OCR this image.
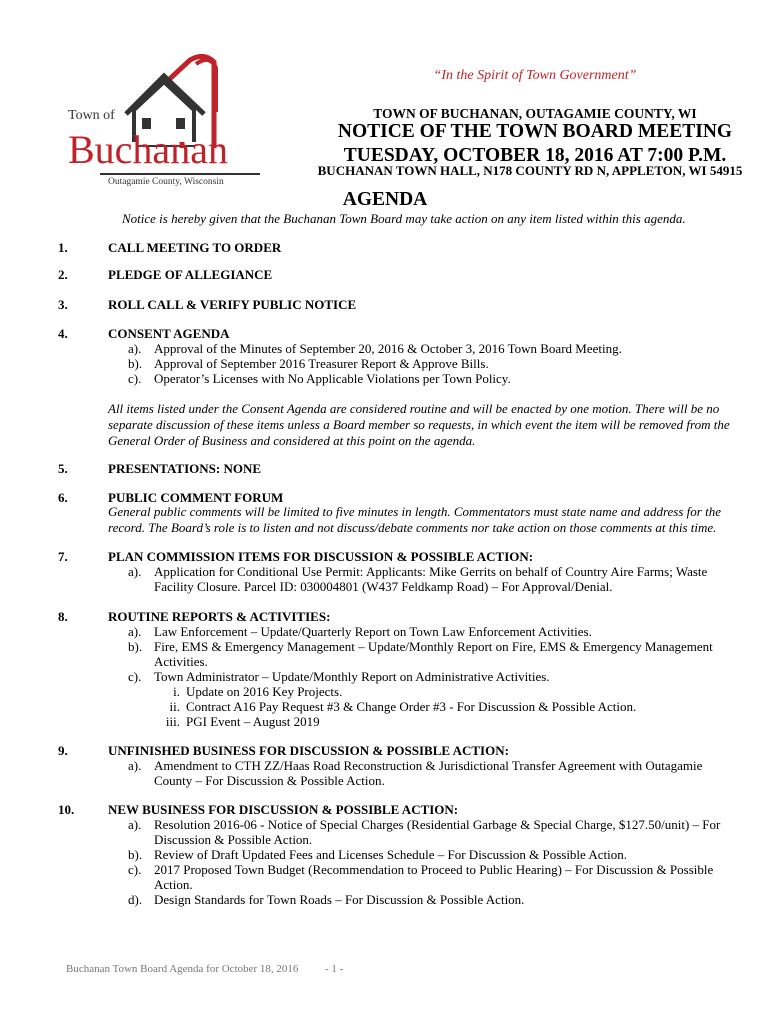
Town of
Buchanan
Outagamie County, Wisconsin
“In the Spirit of Town Government”
TOWN OF BUCHANAN, OUTAGAMIE COUNTY, WI
NOTICE OF THE TOWN BOARD MEETING
TUESDAY, OCTOBER 18, 2016 AT 7:00 P.M.
BUCHANAN TOWN HALL, N178 COUNTY RD N, APPLETON, WI 54915
AGENDA
Notice is hereby given that the Buchanan Town Board may take action on any item listed within this agenda.
1.	CALL MEETING TO ORDER
2.	PLEDGE OF ALLEGIANCE
3.	ROLL CALL & VERIFY PUBLIC NOTICE
4.	CONSENT AGENDA
a). Approval of the Minutes of September 20, 2016 & October 3, 2016 Town Board Meeting.
b). Approval of September 2016 Treasurer Report & Approve Bills.
c). Operator’s Licenses with No Applicable Violations per Town Policy.
All items listed under the Consent Agenda are considered routine and will be enacted by one motion. There will be no
separate discussion of these items unless a Board member so requests, in which event the item will be removed from the
General Order of Business and considered at this point on the agenda.
5.	PRESENTATIONS: NONE
6.	PUBLIC COMMENT FORUM
General public comments will be limited to five minutes in length. Commentators must state name and address for the
record. The Board’s role is to listen and not discuss/debate comments nor take action on those comments at this time.
7.	PLAN COMMISSION ITEMS FOR DISCUSSION & POSSIBLE ACTION:
a). Application for Conditional Use Permit: Applicants: Mike Gerrits on behalf of Country Aire Farms; Waste
Facility Closure. Parcel ID: 030004801 (W437 Feldkamp Road) – For Approval/Denial.
8.	ROUTINE REPORTS & ACTIVITIES:
a). Law Enforcement – Update/Quarterly Report on Town Law Enforcement Activities.
b). Fire, EMS & Emergency Management – Update/Monthly Report on Fire, EMS & Emergency Management
Activities.
c). Town Administrator – Update/Monthly Report on Administrative Activities.
i. Update on 2016 Key Projects.
ii. Contract A16 Pay Request #3 & Change Order #3 - For Discussion & Possible Action.
iii. PGI Event – August 2019
9.	UNFINISHED BUSINESS FOR DISCUSSION & POSSIBLE ACTION:
a). Amendment to CTH ZZ/Haas Road Reconstruction & Jurisdictional Transfer Agreement with Outagamie
County – For Discussion & Possible Action.
10.	NEW BUSINESS FOR DISCUSSION & POSSIBLE ACTION:
a). Resolution 2016-06 - Notice of Special Charges (Residential Garbage & Special Charge, $127.50/unit) – For
Discussion & Possible Action.
b). Review of Draft Updated Fees and Licenses Schedule – For Discussion & Possible Action.
c). 2017 Proposed Town Budget (Recommendation to Proceed to Public Hearing) – For Discussion & Possible
Action.
d). Design Standards for Town Roads – For Discussion & Possible Action.
Buchanan Town Board Agenda for October 18, 2016 - 1 -
